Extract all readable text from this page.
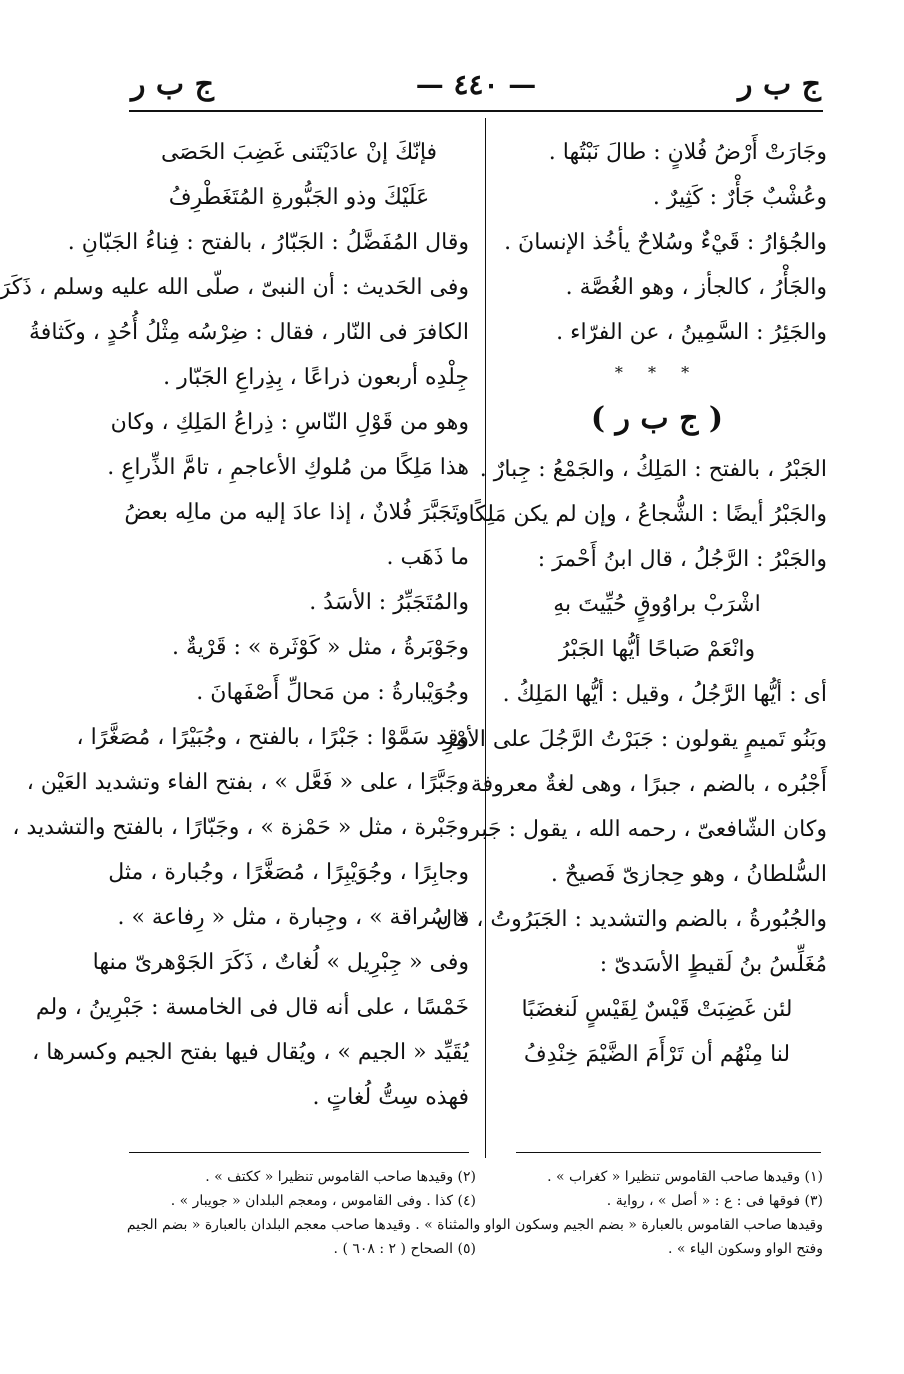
ج ب ر
— ٤٤٠ —
ج ب ر
وجَارَتْ أَرْضُ فُلانٍ : طالَ نَبْتُها .
وعُشْبٌ جَأْرٌ : كَثِيرٌ .
والجُؤارُ : قَيْءٌ وسُلاحٌ يأخُذ الإنسانَ .
والجَأْرُ ، كالجأز ، وهو الغُصَّة .
والجَئِرُ : السَّمِينُ ، عن الفرّاء .
* * *
( ج ب ر )
الجَبْرُ ، بالفتح : المَلِكُ ، والجَمْعُ : جِبارٌ .
والجَبْرُ أيضًا : الشُّجاعُ ، وإن لم يكن مَلِكًا .
والجَبْرُ : الرَّجُلُ ، قال ابنُ أَحْمرَ :
اشْرَبْ براوُوقٍ حُيِّيتَ بهِ
وانْعَمْ صَباحًا أيُّها الجَبْرُ
أى : أيُّها الرَّجُلُ ، وقيل : أيُّها المَلِكُ .
وبَنُو تَميمٍ يقولون : جَبَرْتُ الرَّجُلَ على الأمْرِ
أَجْبُره ، بالضم ، جبرًا ، وهى لغةٌ معروفة .
وكان الشّافعىّ ، رحمه الله ، يقول : جَبر
السُّلطانُ ، وهو حِجازىّ فَصيحٌ .
والجُبُورةُ ، بالضم والتشديد : الجَبَرُوتُ ، قال
مُغَلِّسُ بنُ لَقيطٍ الأسَدىّ :
لئن غَضِبَتْ قَيْسٌ لِقَيْسٍ لَنغضَبًا
لنا مِنْهُم أن تَرْأَمَ الضَّيْمَ خِنْدِفُ
فإنّكَ إنْ عادَيْتَنى غَضِبَ الحَصَى
عَلَيْكَ وذو الجَبُّورةِ المُتَغَطْرِفُ
وقال المُفَضَّلُ : الجَبّارُ ، بالفتح : فِناءُ الجَبّانِ .
وفى الحَديث : أن النبىّ ، صلّى الله عليه وسلم ، ذَكَرَ
الكافرَ فى النّار ، فقال : ضِرْسُه مِثْلُ أُحُدٍ ، وكَثافةُ
جِلْدِه أربعون ذراعًا ، بِذِراعِ الجَبّار .
وهو من قَوْلِ النّاسِ : ذِراعُ المَلِكِ ، وكان
هذا مَلِكًا من مُلوكِ الأعاجمِ ، تامَّ الذِّراعِ .
وتَجَبَّرَ فُلانٌ ، إذا عادَ إليه من مالِه بعضُ
ما ذَهَب .
والمُتَجَبِّرُ : الأسَدُ .
وجَوْبَرةُ ، مثل « كَوْثَرة » : قَرْيةٌ .
وجُوَيْبارةُ : من مَحالِّ أَصْفَهانَ .
وقد سَمَّوْا : جَبْرًا ، بالفتح ، وجُبَيْرًا ، مُصَغَّرًا ،
وجَبَّرًا ، على « فَعَّل » ، بفتح الفاء وتشديد العَيْن ،
وجَبْرة ، مثل « حَمْزة » ، وجَبّارًا ، بالفتح والتشديد ،
وجابِرًا ، وجُوَيْبِرًا ، مُصَغَّرًا ، وجُبارة ، مثل
« سُراقة » ، وجِبارة ، مثل « رِفاعة » .
وفى « جِبْرِيل » لُغاتٌ ، ذَكَرَ الجَوْهرىّ منها
خَمْسًا ، على أنه قال فى الخامسة : جَبْرِينُ ، ولم
يُقَيِّد « الجيم » ، ويُقال فيها بفتح الجيم وكسرها ،
فهذه سِتُّ لُغاتٍ .
(١) وقيدها صاحب القاموس تنظيرا « كغراب » .
(٢) وقيدها صاحب القاموس تنظيرا « ككتف » .
(٣) فوقها فى : ع : « أصل » ، رواية .
(٤) كذا . وفى القاموس ، ومعجم البلدان « جويبار » .
وقيدها صاحب القاموس بالعبارة « بضم الجيم وسكون الواو والمثناة » . وقيدها صاحب معجم البلدان بالعبارة « بضم الجيم
وفتح الواو وسكون الياء » .
(٥) الصحاح ( ٢ : ٦٠٨ ) .
